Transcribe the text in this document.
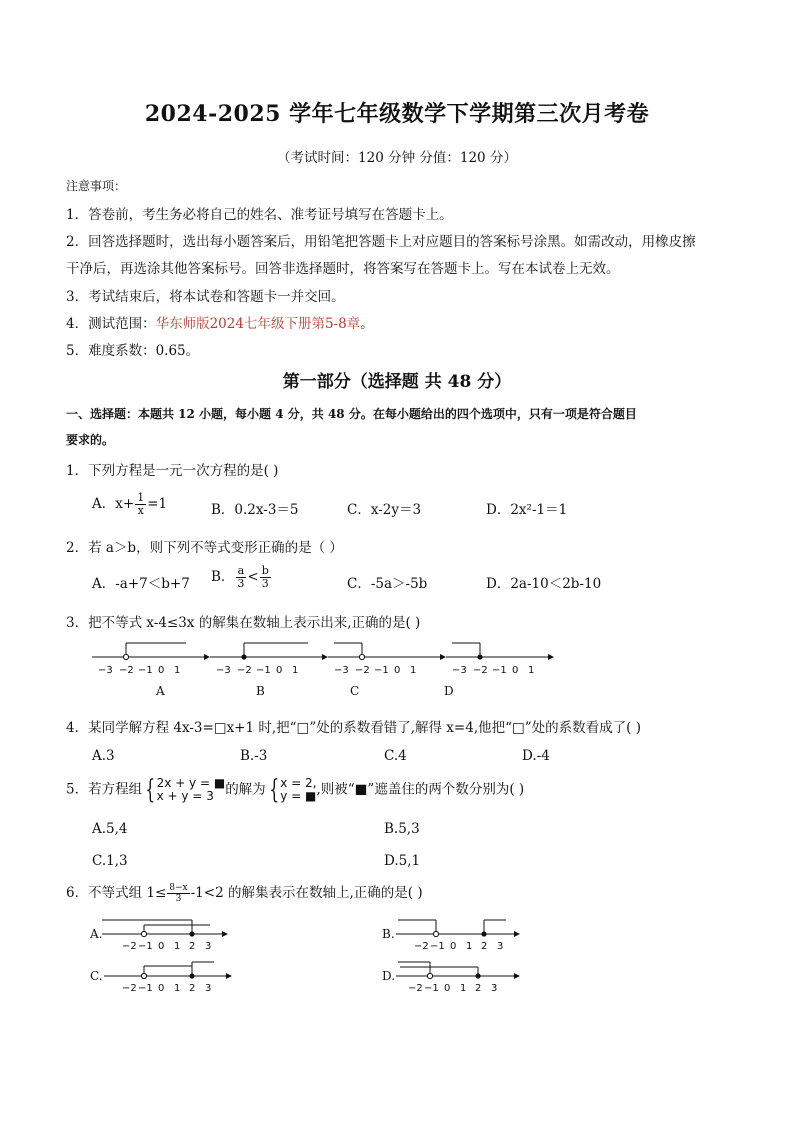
2024-2025 学年七年级数学下学期第三次月考卷
（考试时间：120 分钟 分值：120 分）
注意事项：
1．答卷前，考生务必将自己的姓名、准考证号填写在答题卡上。
2．回答选择题时，选出每小题答案后，用铅笔把答题卡上对应题目的答案标号涂黑。如需改动，用橡皮擦
干净后，再选涂其他答案标号。回答非选择题时，将答案写在答题卡上。写在本试卷上无效。
3．考试结束后，将本试卷和答题卡一并交回。
4．测试范围：华东师版2024七年级下册第5-8章。
5．难度系数：0.65。
第一部分（选择题 共 48 分）
一、选择题：本题共 12 小题，每小题 4 分，共 48 分。在每小题给出的四个选项中，只有一项是符合题目
要求的。
1．下列方程是一元一次方程的是( )
A．$x+ \frac{1}{x} =1$	B．0.2x-3＝5	C．x-2y＝3	D．2x²-1＝1
2．若 a＞b，则下列不等式变形正确的是（ ）
A．-a+7＜b+7 B． $\frac{a}{3} < \frac{b}{3}$	C．-5a＞-5b	D．2a-10＜2b-10
3．把不等式 x-4≤3x 的解集在数轴上表示出来,正确的是( )
−3 −2 −1 0 1
A
−3 −2 −1 0 1
B
−3 −2 −1 0 1
C
−3 −2 −1 0 1
D
4．某同学解方程 4x-3=□x+1 时,把“□”处的系数看错了,解得 x=4,他把“□”处的系数看成了( )
A.3	B.-3	C.4	D.-4
5．若方程组 { 2x + y = ■
x + y = 3 的解为 { x = 2,
y = ■ ,则被“■”遮盖住的两个数分别为( )
A.5,4	B.5,3
C.1,3	D.5,1
6．不等式组 $1\le \frac{8-x}{3} -1<2$ 的解集表示在数轴上,正确的是( )
A.
−2 −1 0 1 2 3
B.
−2 −1 0 1 2 3
C.
−2 −1 0 1 2 3
D.
−2 −1 0 1 2 3
